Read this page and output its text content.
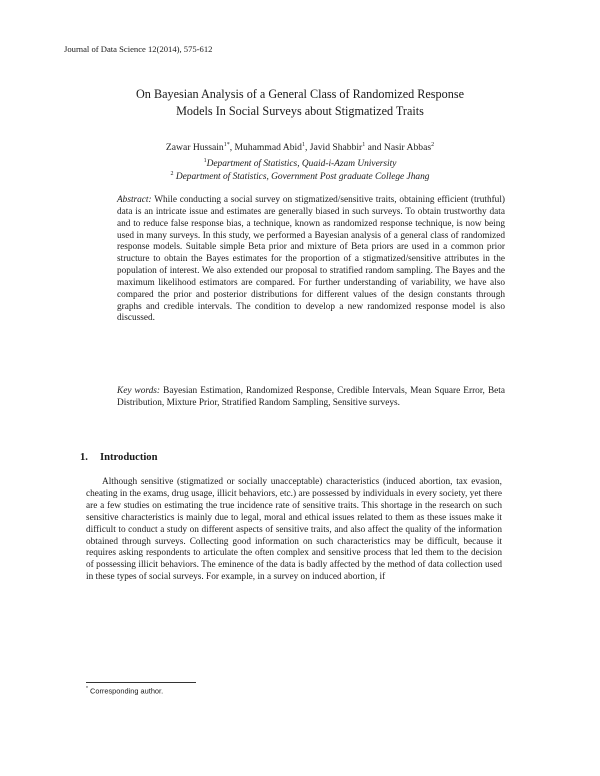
Journal of Data Science 12(2014), 575-612
On Bayesian Analysis of a General Class of Randomized Response
Models In Social Surveys about Stigmatized Traits
Zawar Hussain$^{1*}$, Muhammad Abid$^1$, Javid Shabbir$^1$ and Nasir Abbas$^2$
$^1$Department of Statistics, Quaid-i-Azam University
$^2$ Department of Statistics, Government Post graduate College Jhang

Abstract: While conducting a social survey on stigmatized/sensitive traits, obtaining efficient (truthful) data is an intricate issue and estimates are generally biased in such surveys. To obtain trustworthy data and to reduce false response bias, a technique, known as randomized response technique, is now being used in many surveys. In this study, we performed a Bayesian analysis of a general class of randomized response models. Suitable simple Beta prior and mixture of Beta priors are used in a common prior structure to obtain the Bayes estimates for the proportion of a stigmatized/sensitive attributes in the population of interest. We also extended our proposal to stratified random sampling. The Bayes and the maximum likelihood estimators are compared. For further understanding of variability, we have also compared the prior and posterior distributions for different values of the design constants through graphs and credible intervals. The condition to develop a new randomized response model is also discussed.

Key words: Bayesian Estimation, Randomized Response, Credible Intervals, Mean Square Error, Beta Distribution, Mixture Prior, Stratified Random Sampling, Sensitive surveys.

1. Introduction

Although sensitive (stigmatized or socially unacceptable) characteristics (induced abortion, tax evasion, cheating in the exams, drug usage, illicit behaviors, etc.) are possessed by individuals in every society, yet there are a few studies on estimating the true incidence rate of sensitive traits. This shortage in the research on such sensitive characteristics is mainly due to legal, moral and ethical issues related to them as these issues make it difficult to conduct a study on different aspects of sensitive traits, and also affect the quality of the information obtained through surveys. Collecting good information on such characteristics may be difficult, because it requires asking respondents to articulate the often complex and sensitive process that led them to the decision of possessing illicit behaviors. The eminence of the data is badly affected by the method of data collection used in these types of social surveys. For example, in a survey on induced abortion, if

* Corresponding author.
